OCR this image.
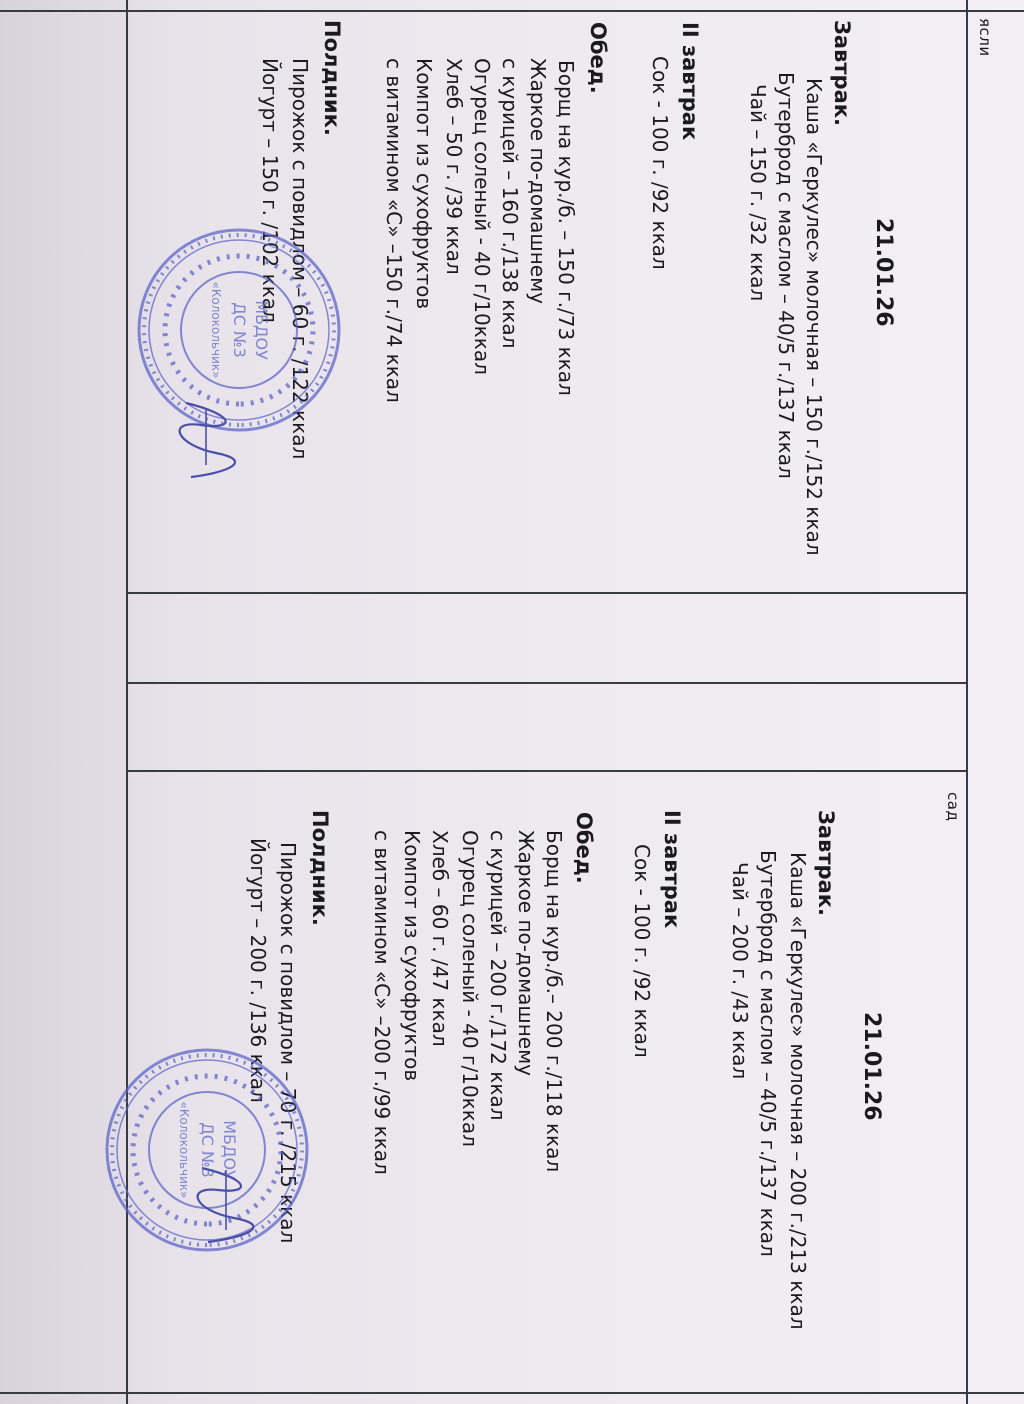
ясли
21.01.26
Завтрак.
Каша «Геркулес» молочная – 150 г./152 ккал
Бутерброд с маслом – 40/5 г./137 ккал
Чай – 150 г. /32 ккал
II завтрак
Сок - 100 г. /92 ккал
Обед.
Борщ на кур./б. – 150 г./73 ккал
Жаркое по-домашнему
с курицей – 160 г./138 ккал
Огурец соленый - 40 г/10ккал
Хлеб – 50 г. /39 ккал
Компот из сухофруктов
с витамином «С» –150 г./74 ккал
Полдник.
Пирожок с повидлом – 60 г. /122 ккал
Йогурт – 150 г. /102 ккал
МБДОУ
ДС №3
«Колокольчик»
сад
21.01.26
Завтрак.
Каша «Геркулес» молочная – 200 г./213 ккал
Бутерброд с маслом – 40/5 г./137 ккал
Чай – 200 г. /43 ккал
II завтрак
Сок - 100 г. /92 ккал
Обед.
Борщ на кур./б.– 200 г./118 ккал
Жаркое по-домашнему
с курицей – 200 г./172 ккал
Огурец соленый - 40 г/10ккал
Хлеб – 60 г. /47 ккал
Компот из сухофруктов
с витамином «С» –200 г./99 ккал
Полдник.
Пирожок с повидлом – 70 г. /215 ккал
Йогурт – 200 г. /136 ккал
МБДОУ
ДС №3
«Колокольчик»
